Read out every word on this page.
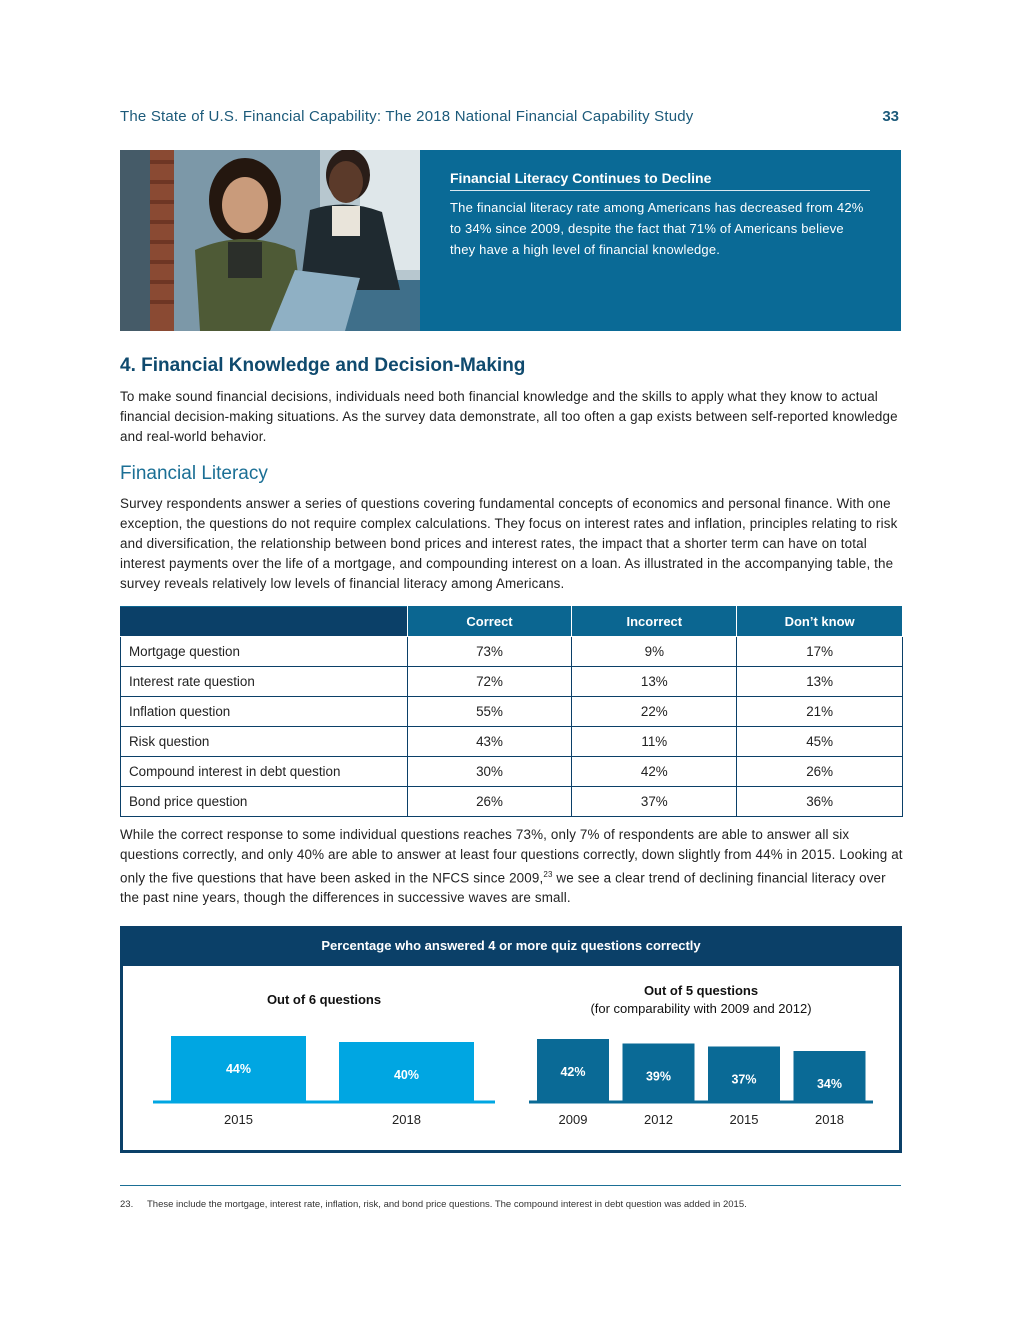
The State of U.S. Financial Capability: The 2018 National Financial Capability Study	33
Financial Literacy Continues to Decline
The financial literacy rate among Americans has decreased from 42% to 34% since 2009, despite the fact that 71% of Americans believe they have a high level of financial knowledge.
4. Financial Knowledge and Decision-Making

To make sound financial decisions, individuals need both financial knowledge and the skills to apply what they know to actual financial decision-making situations. As the survey data demonstrate, all too often a gap exists between self-reported knowledge and real-world behavior.

Financial Literacy

Survey respondents answer a series of questions covering fundamental concepts of economics and personal finance. With one exception, the questions do not require complex calculations. They focus on interest rates and inflation, principles relating to risk and diversification, the relationship between bond prices and interest rates, the impact that a shorter term can have on total interest payments over the life of a mortgage, and compounding interest on a loan. As illustrated in the accompanying table, the survey reveals relatively low levels of financial literacy among Americans.

	Correct	Incorrect	Don’t know
Mortgage question	73%	9%	17%
Interest rate question	72%	13%	13%
Inflation question	55%	22%	21%
Risk question	43%	11%	45%
Compound interest in debt question	30%	42%	26%
Bond price question	26%	37%	36%

While the correct response to some individual questions reaches 73%, only 7% of respondents are able to answer all six questions correctly, and only 40% are able to answer at least four questions correctly, down slightly from 44% in 2015. Looking at only the five questions that have been asked in the NFCS since 2009,23 we see a clear trend of declining financial literacy over the past nine years, though the differences in successive waves are small.

Percentage who answered 4 or more quiz questions correctly
Out of 6 questions
44%
2015
40%
2018
Out of 5 questions
(for comparability with 2009 and 2012)
42%
2009
39%
2012
37%
2015
34%
2018
23. These include the mortgage, interest rate, inflation, risk, and bond price questions. The compound interest in debt question was added in 2015.
